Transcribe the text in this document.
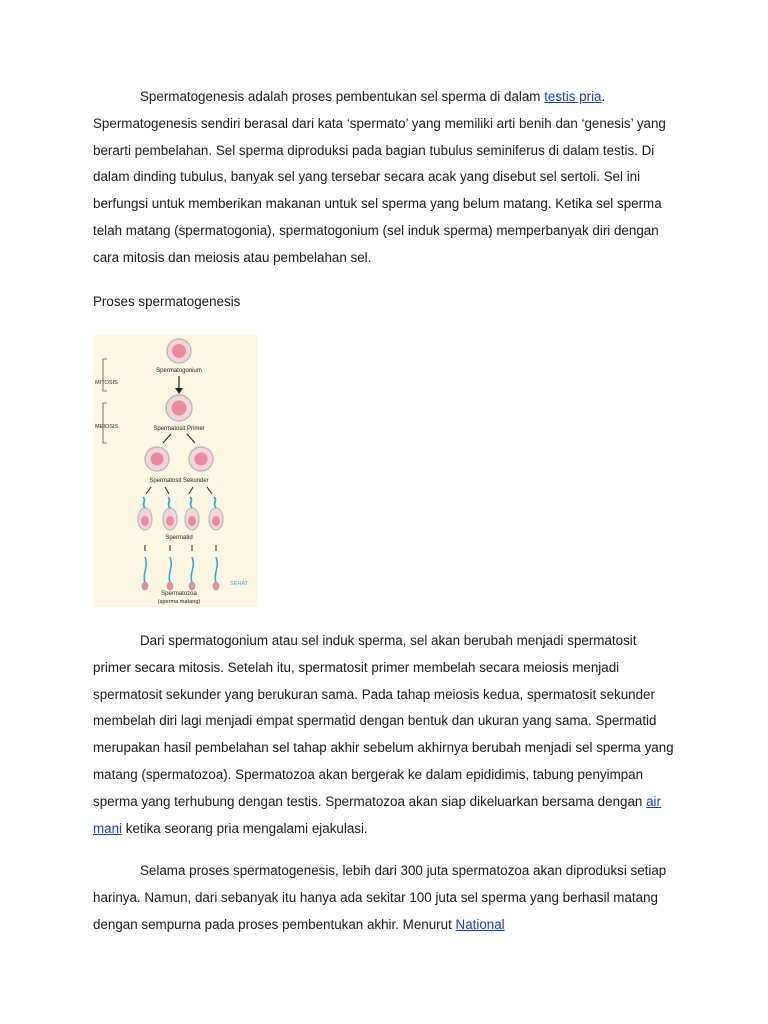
Spermatogenesis adalah proses pembentukan sel sperma di dalam testis pria. Spermatogenesis sendiri berasal dari kata ‘spermato’ yang memiliki arti benih dan ‘genesis’ yang berarti pembelahan. Sel sperma diproduksi pada bagian tubulus seminiferus di dalam testis. Di dalam dinding tubulus, banyak sel yang tersebar secara acak yang disebut sel sertoli. Sel ini berfungsi untuk memberikan makanan untuk sel sperma yang belum matang. Ketika sel sperma telah matang (spermatogonia), spermatogonium (sel induk sperma) memperbanyak diri dengan cara mitosis dan meiosis atau pembelahan sel.

Proses spermatogenesis

MITOSIS
MEIOSIS
Spermatogonium
Spermatosit Primer
Spermatosit Sekunder
Spermatid
SEHAT
Spermatozoa
(sperma matang)

Dari spermatogonium atau sel induk sperma, sel akan berubah menjadi spermatosit primer secara mitosis. Setelah itu, spermatosit primer membelah secara meiosis menjadi spermatosit sekunder yang berukuran sama. Pada tahap meiosis kedua, spermatosit sekunder membelah diri lagi menjadi empat spermatid dengan bentuk dan ukuran yang sama. Spermatid merupakan hasil pembelahan sel tahap akhir sebelum akhirnya berubah menjadi sel sperma yang matang (spermatozoa). Spermatozoa akan bergerak ke dalam epididimis, tabung penyimpan sperma yang terhubung dengan testis. Spermatozoa akan siap dikeluarkan bersama dengan air mani ketika seorang pria mengalami ejakulasi.

Selama proses spermatogenesis, lebih dari 300 juta spermatozoa akan diproduksi setiap harinya. Namun, dari sebanyak itu hanya ada sekitar 100 juta sel sperma yang berhasil matang dengan sempurna pada proses pembentukan akhir. Menurut National
